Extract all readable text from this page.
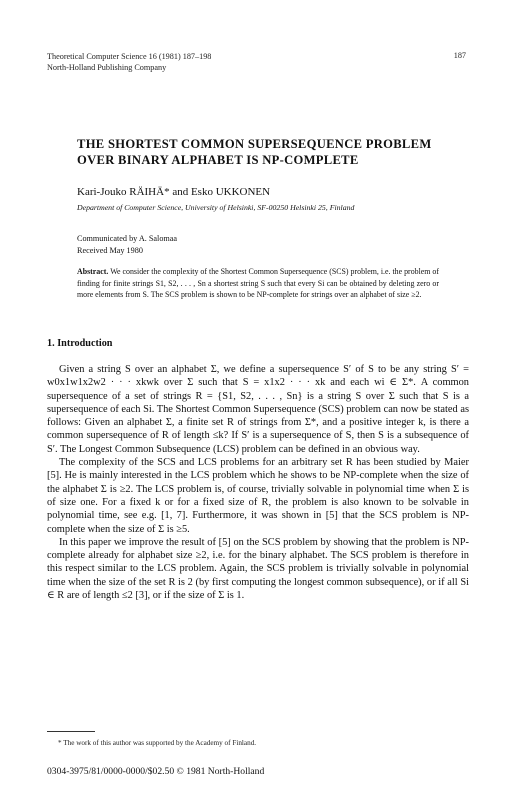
Theoretical Computer Science 16 (1981) 187–198
North-Holland Publishing Company
187
THE SHORTEST COMMON SUPERSEQUENCE PROBLEM
OVER BINARY ALPHABET IS NP-COMPLETE
Kari-Jouko RÄIHÄ* and Esko UKKONEN
Department of Computer Science, University of Helsinki, SF-00250 Helsinki 25, Finland
Communicated by A. Salomaa
Received May 1980
Abstract. We consider the complexity of the Shortest Common Supersequence (SCS) problem, i.e. the problem of finding for finite strings S1, S2, . . . , Sn a shortest string S such that every Si can be obtained by deleting zero or more elements from S. The SCS problem is shown to be NP-complete for strings over an alphabet of size ≥2.
1. Introduction

Given a string S over an alphabet Σ, we define a supersequence S′ of S to be any string S′ = w0x1w1x2w2 · · · xkwk over Σ such that S = x1x2 · · · xk and each wi ∈ Σ*. A common supersequence of a set of strings R = {S1, S2, . . . , Sn} is a string S over Σ such that S is a supersequence of each Si. The Shortest Common Supersequence (SCS) problem can now be stated as follows: Given an alphabet Σ, a finite set R of strings from Σ*, and a positive integer k, is there a common supersequence of R of length ≤k? If S′ is a supersequence of S, then S is a subsequence of S′. The Longest Common Subsequence (LCS) problem can be defined in an obvious way.

The complexity of the SCS and LCS problems for an arbitrary set R has been studied by Maier [5]. He is mainly interested in the LCS problem which he shows to be NP-complete when the size of the alphabet Σ is ≥2. The LCS problem is, of course, trivially solvable in polynomial time when Σ is of size one. For a fixed k or for a fixed size of R, the problem is also known to be solvable in polynomial time, see e.g. [1, 7]. Furthermore, it was shown in [5] that the SCS problem is NP-complete when the size of Σ is ≥5.

In this paper we improve the result of [5] on the SCS problem by showing that the problem is NP-complete already for alphabet size ≥2, i.e. for the binary alphabet. The SCS problem is therefore in this respect similar to the LCS problem. Again, the SCS problem is trivially solvable in polynomial time when the size of the set R is 2 (by first computing the longest common subsequence), or if all Si ∈ R are of length ≤2 [3], or if the size of Σ is 1.

* The work of this author was supported by the Academy of Finland.
0304-3975/81/0000-0000/$02.50 © 1981 North-Holland
